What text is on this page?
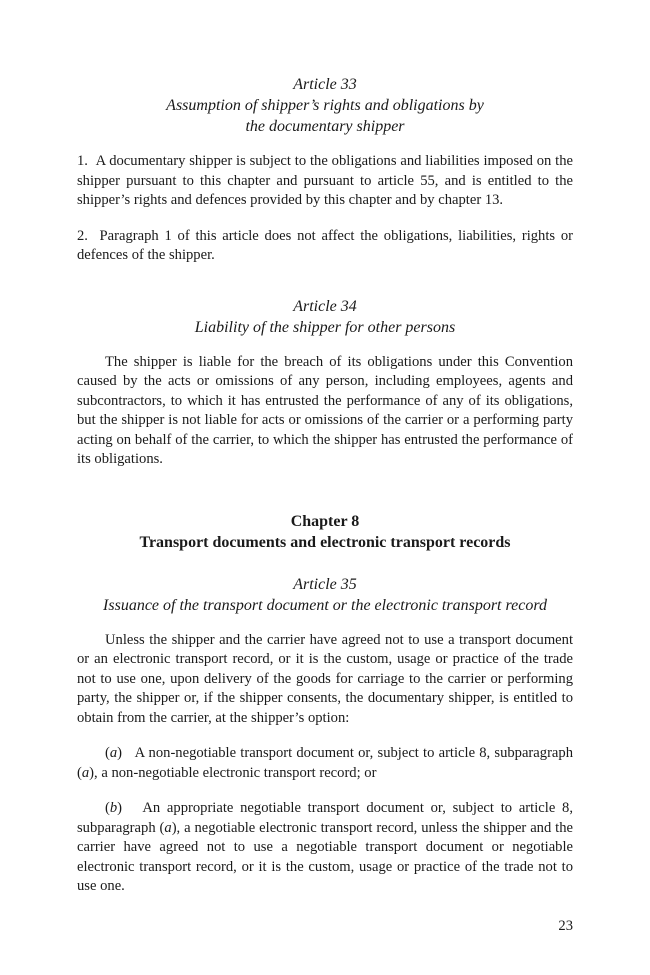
Article 33

Assumption of shipper’s rights and obligations by

the documentary shipper

1. A documentary shipper is subject to the obligations and liabilities imposed on the shipper pursuant to this chapter and pursuant to article 55, and is entitled to the shipper’s rights and defences provided by this chapter and by chapter 13.

2. Paragraph 1 of this article does not affect the obligations, liabilities, rights or defences of the shipper.

Article 34

Liability of the shipper for other persons

The shipper is liable for the breach of its obligations under this Convention caused by the acts or omissions of any person, including employees, agents and subcontractors, to which it has entrusted the performance of any of its obligations, but the shipper is not liable for acts or omissions of the carrier or a performing party acting on behalf of the carrier, to which the shipper has entrusted the performance of its obligations.

Chapter 8

Transport documents and electronic transport records

Article 35

Issuance of the transport document or the electronic transport record

Unless the shipper and the carrier have agreed not to use a transport document or an electronic transport record, or it is the custom, usage or practice of the trade not to use one, upon delivery of the goods for carriage to the carrier or performing party, the shipper or, if the shipper consents, the documentary shipper, is entitled to obtain from the carrier, at the shipper’s option:

(a)   A non-negotiable transport document or, subject to article 8, subparagraph (a), a non-negotiable electronic transport record; or

(b)   An appropriate negotiable transport document or, subject to article 8, subparagraph (a), a negotiable electronic transport record, unless the shipper and the carrier have agreed not to use a negotiable transport document or negotiable electronic transport record, or it is the custom, usage or practice of the trade not to use one.

23
